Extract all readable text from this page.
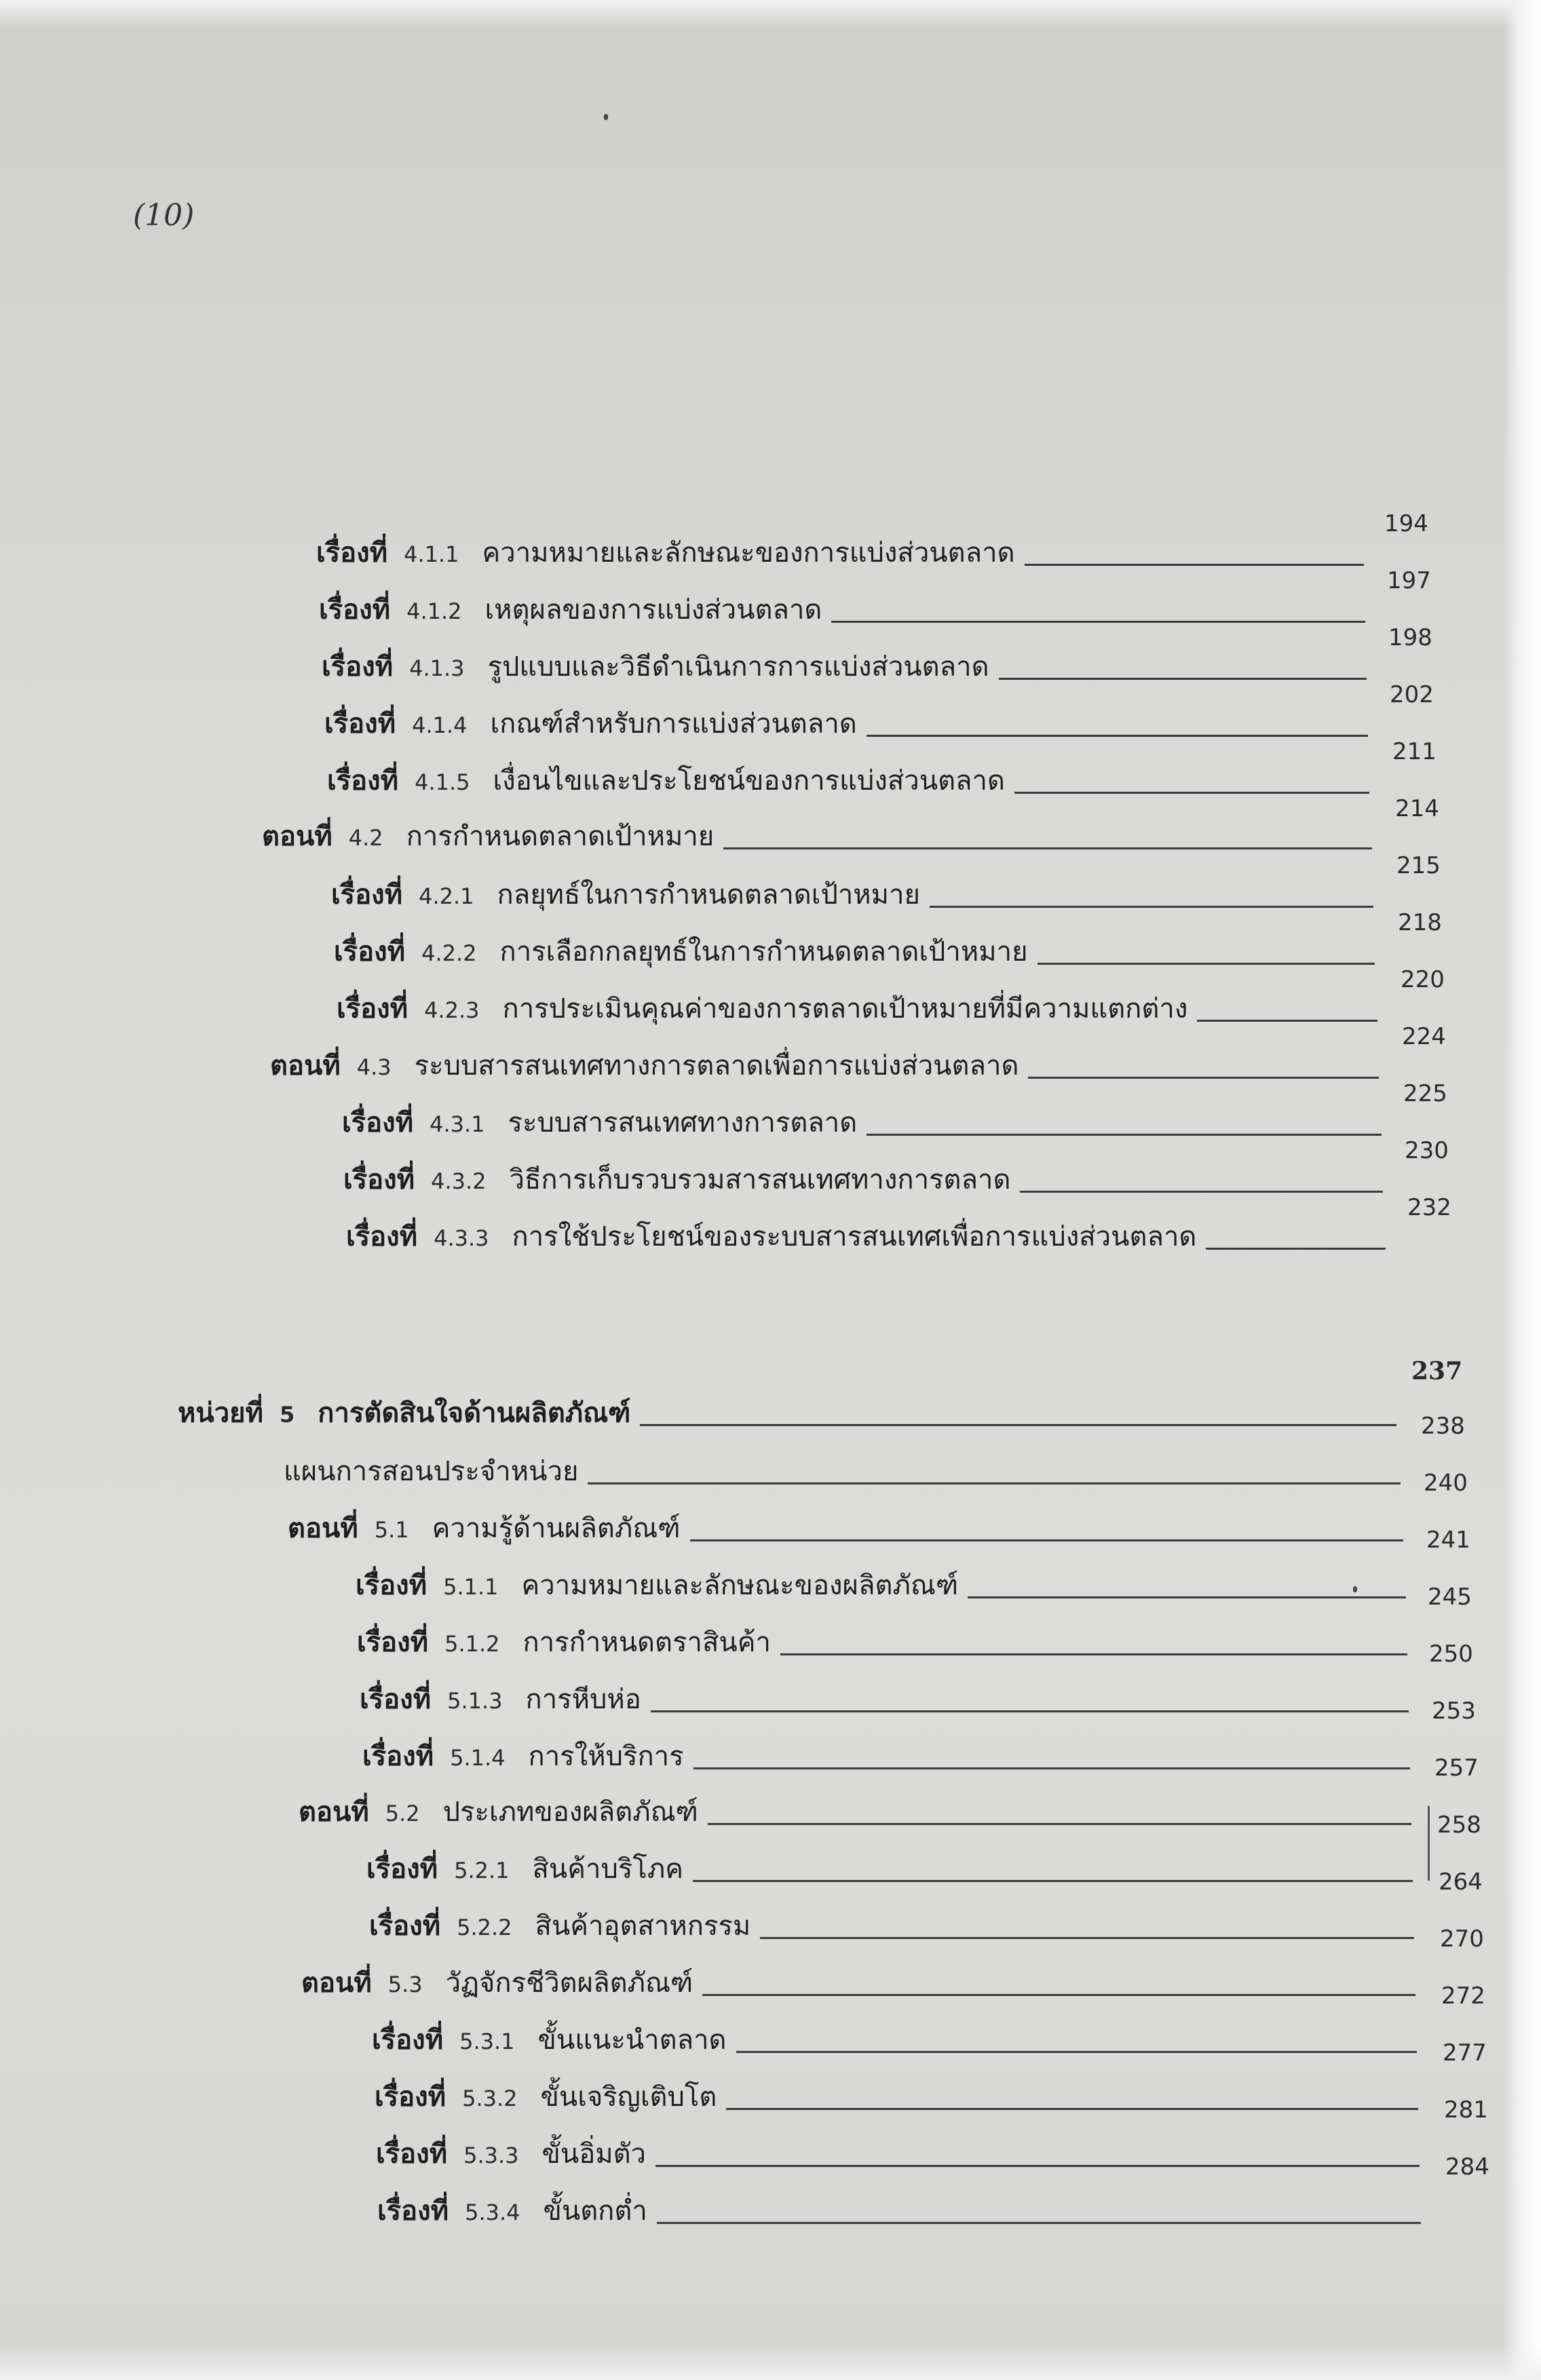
(10)
เรื่องที่ 4.1.1 ความหมายและลักษณะของการแบ่งส่วนตลาด
194
เรื่องที่ 4.1.2 เหตุผลของการแบ่งส่วนตลาด
197
เรื่องที่ 4.1.3 รูปแบบและวิธีดำเนินการการแบ่งส่วนตลาด
198
เรื่องที่ 4.1.4 เกณฑ์สำหรับการแบ่งส่วนตลาด
202
เรื่องที่ 4.1.5 เงื่อนไขและประโยชน์ของการแบ่งส่วนตลาด
211
ตอนที่ 4.2 การกำหนดตลาดเป้าหมาย
214
เรื่องที่ 4.2.1 กลยุทธ์ในการกำหนดตลาดเป้าหมาย
215
เรื่องที่ 4.2.2 การเลือกกลยุทธ์ในการกำหนดตลาดเป้าหมาย
218
เรื่องที่ 4.2.3 การประเมินคุณค่าของการตลาดเป้าหมายที่มีความแตกต่าง
220
ตอนที่ 4.3 ระบบสารสนเทศทางการตลาดเพื่อการแบ่งส่วนตลาด
224
เรื่องที่ 4.3.1 ระบบสารสนเทศทางการตลาด
225
เรื่องที่ 4.3.2 วิธีการเก็บรวบรวมสารสนเทศทางการตลาด
230
เรื่องที่ 4.3.3 การใช้ประโยชน์ของระบบสารสนเทศเพื่อการแบ่งส่วนตลาด
232
หน่วยที่ 5 การตัดสินใจด้านผลิตภัณฑ์
237
แผนการสอนประจำหน่วย
238
ตอนที่ 5.1 ความรู้ด้านผลิตภัณฑ์
240
เรื่องที่ 5.1.1 ความหมายและลักษณะของผลิตภัณฑ์
241
เรื่องที่ 5.1.2 การกำหนดตราสินค้า
245
เรื่องที่ 5.1.3 การหีบห่อ
250
เรื่องที่ 5.1.4 การให้บริการ
253
ตอนที่ 5.2 ประเภทของผลิตภัณฑ์
257
เรื่องที่ 5.2.1 สินค้าบริโภค
258
เรื่องที่ 5.2.2 สินค้าอุตสาหกรรม
264
ตอนที่ 5.3 วัฏจักรชีวิตผลิตภัณฑ์
270
เรื่องที่ 5.3.1 ขั้นแนะนำตลาด
272
เรื่องที่ 5.3.2 ขั้นเจริญเติบโต
277
เรื่องที่ 5.3.3 ขั้นอิ่มตัว
281
เรื่องที่ 5.3.4 ขั้นตกต่ำ
284
